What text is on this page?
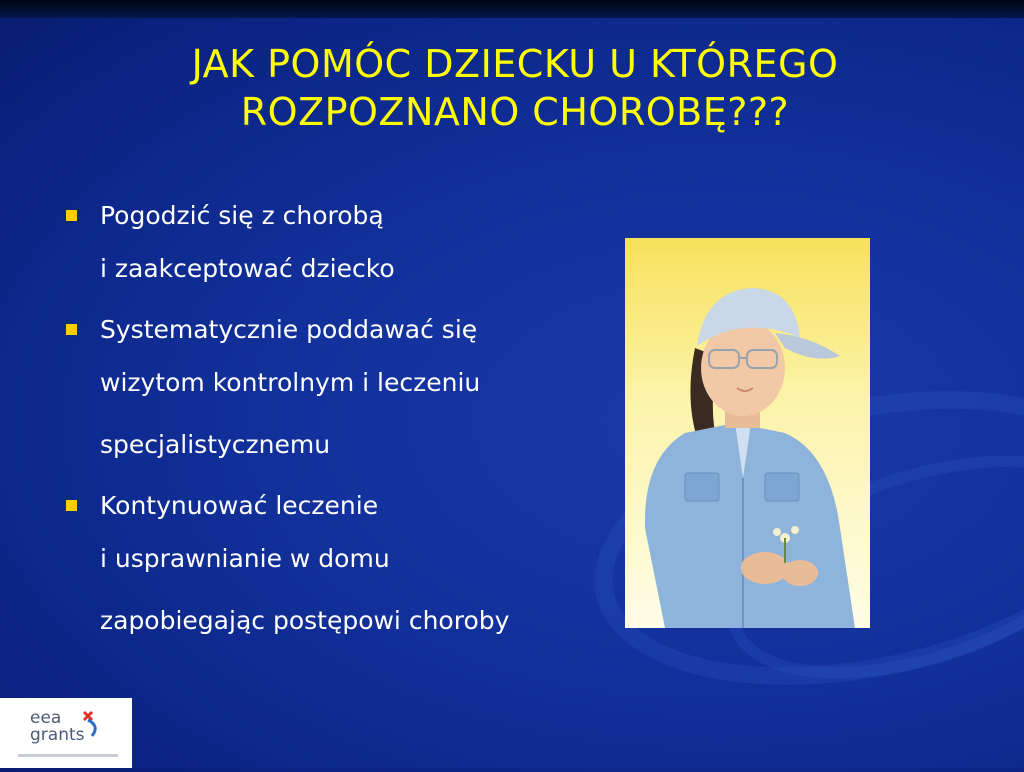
JAK POMÓC DZIECKU U KTÓREGO
ROZPOZNANO CHOROBĘ???
Pogodzić się z chorobą
i zaakceptować dziecko
Systematycznie poddawać się
wizytom kontrolnym i leczeniu
specjalistycznemu
Kontynuować leczenie
i usprawnianie w domu
zapobiegając postępowi choroby
eea
grants
